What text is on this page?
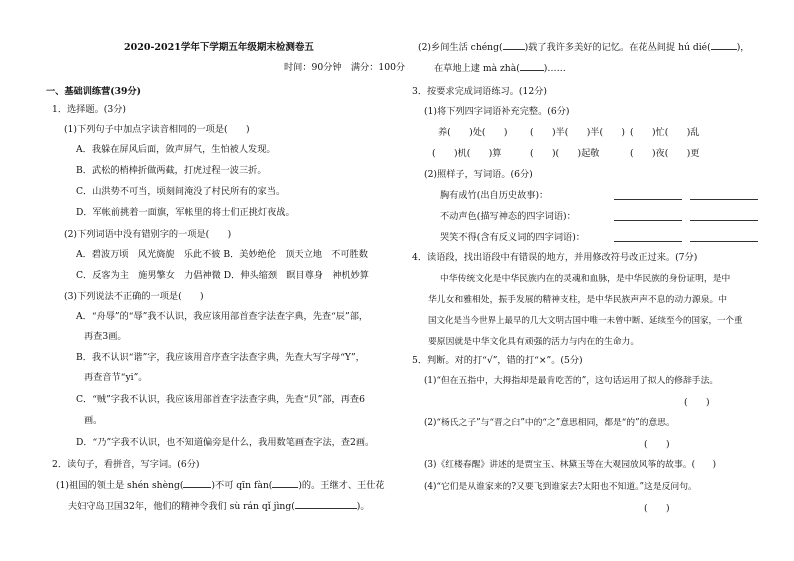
2020-2021学年下学期五年级期末检测卷五
时间：90分钟　满分：100分
一、基础训练营(39分)
1．选择题。(3分)
(1)下列句子中加点字读音相同的一项是(　　)
A．我躲在屏风后面，敛声屏气，生怕被人发现。
B．武松的梢棒折做两截，打虎过程一波三折。
C．山洪势不可当，顷刻间淹没了村民所有的家当。
D．军帐前挑着一面旗，军帐里的将士们正挑灯夜战。
(2)下列词语中没有错别字的一项是(　　)
A．碧波万顷　风光旖旎　乐此不彼 B．美妙绝伦　顶天立地　不可胜数
C．反客为主　施男擎女　力倡神微 D．伸头缩颈　瞑目尊身　神机妙算
(3)下列说法不正确的一项是(　　)
A．“舟辱”的“辱”我不认识，我应该用部首查字法查字典，先查“辰”部，
再查3画。
B．我不认识“谐”字，我应该用音序查字法查字典，先查大写字母“Y”，
再查音节“yi”。
C．“贼”字我不认识，我应该用部首查字法查字典，先查“贝”部，再查6
画。
D．“乃”字我不认识，也不知道偏旁是什么，我用数笔画查字法，查2画。
2．读句子，看拼音，写字词。(6分)
(1)祖国的领土是 shén shèng(	)不可 qīn fàn(	)的。王继才、王仕花
夫妇守岛卫国32年，他们的精神令我们 sù rán qǐ jìng(	)。
(2)乡间生活 chéng( )载了我许多美好的记忆。在花丛间捉 hú dié(	)，
在草地上逮 mà zhà(	)……
3．按要求完成词语练习。(12分)
(1)将下列四字词语补充完整。(6分)
养(　　)处(　　) (　　)半(　　)半(　　) (　　)忙(　　)乱
(　　)机(　　)算	(　　)(　　)起敬	(　　)夜(　　)更
(2)照样子，写词语。(6分)
胸有成竹(出自历史故事)：
不动声色(描写神态的四字词语)：
哭笑不得(含有反义词的四字词语)：
4．读语段，找出语段中有错误的地方，并用修改符号改正过来。(7分)
中华传统文化是中华民族内在的灵魂和血脉，是中华民族的身份证明，是中
华儿女和雅相处，振手发展的精神支柱，是中华民族声声不息的动力源泉。中
国文化是当今世界上最早的几大文明古国中唯一未曾中断、延续至今的国家，一个重
要原因就是中华文化具有顽强的活力与内在的生命力。
5．判断。对的打“√”，错的打“×”。(5分)
(1)“但在五指中，大拇指却是最肯吃苦的”，这句话运用了拟人的修辞手法。
(　　)
(2)“杨氏之子”与“晋之臼”中的“之”意思相同，都是“的”的意思。
(　　)
(3)《红楼春醒》讲述的是贾宝玉、林黛玉等在大观园放风筝的故事。(　　)
(4)“它们是从谁家来的?又要飞到谁家去?太阳也不知道。”这是反问句。
(　　)
